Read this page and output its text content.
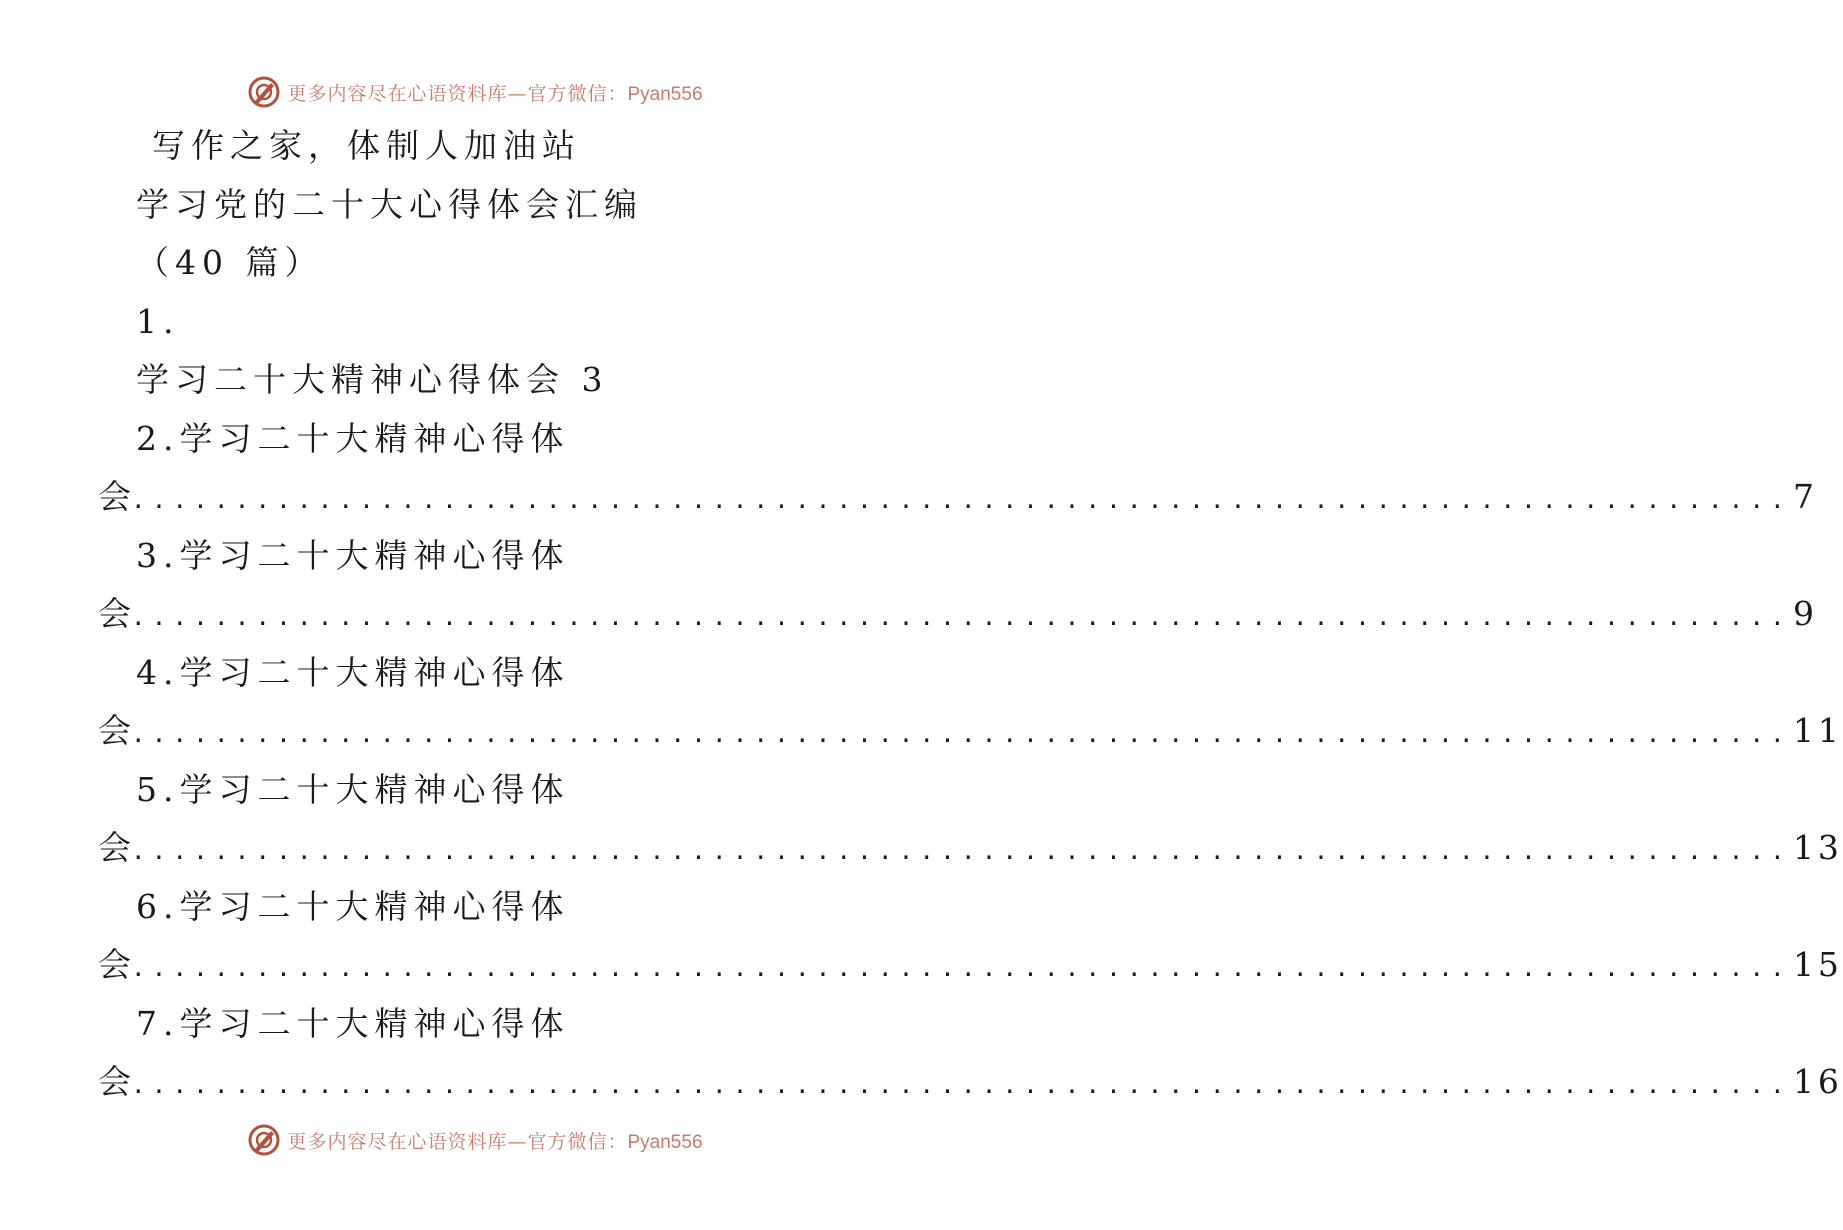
更多内容尽在心语资料库—官方微信：Pyan556
写作之家，体制人加油站
学习党的二十大心得体会汇编
（40 篇）
1.
学习二十大精神心得体会 3
2.学习二十大精神心得体
会 ................................................................................ 7
3.学习二十大精神心得体
会 ................................................................................ 9
4.学习二十大精神心得体
会 ................................................................................ 11
5.学习二十大精神心得体
会 ................................................................................ 13
6.学习二十大精神心得体
会 ................................................................................ 15
7.学习二十大精神心得体
会 ................................................................................ 16
更多内容尽在心语资料库—官方微信：Pyan556
